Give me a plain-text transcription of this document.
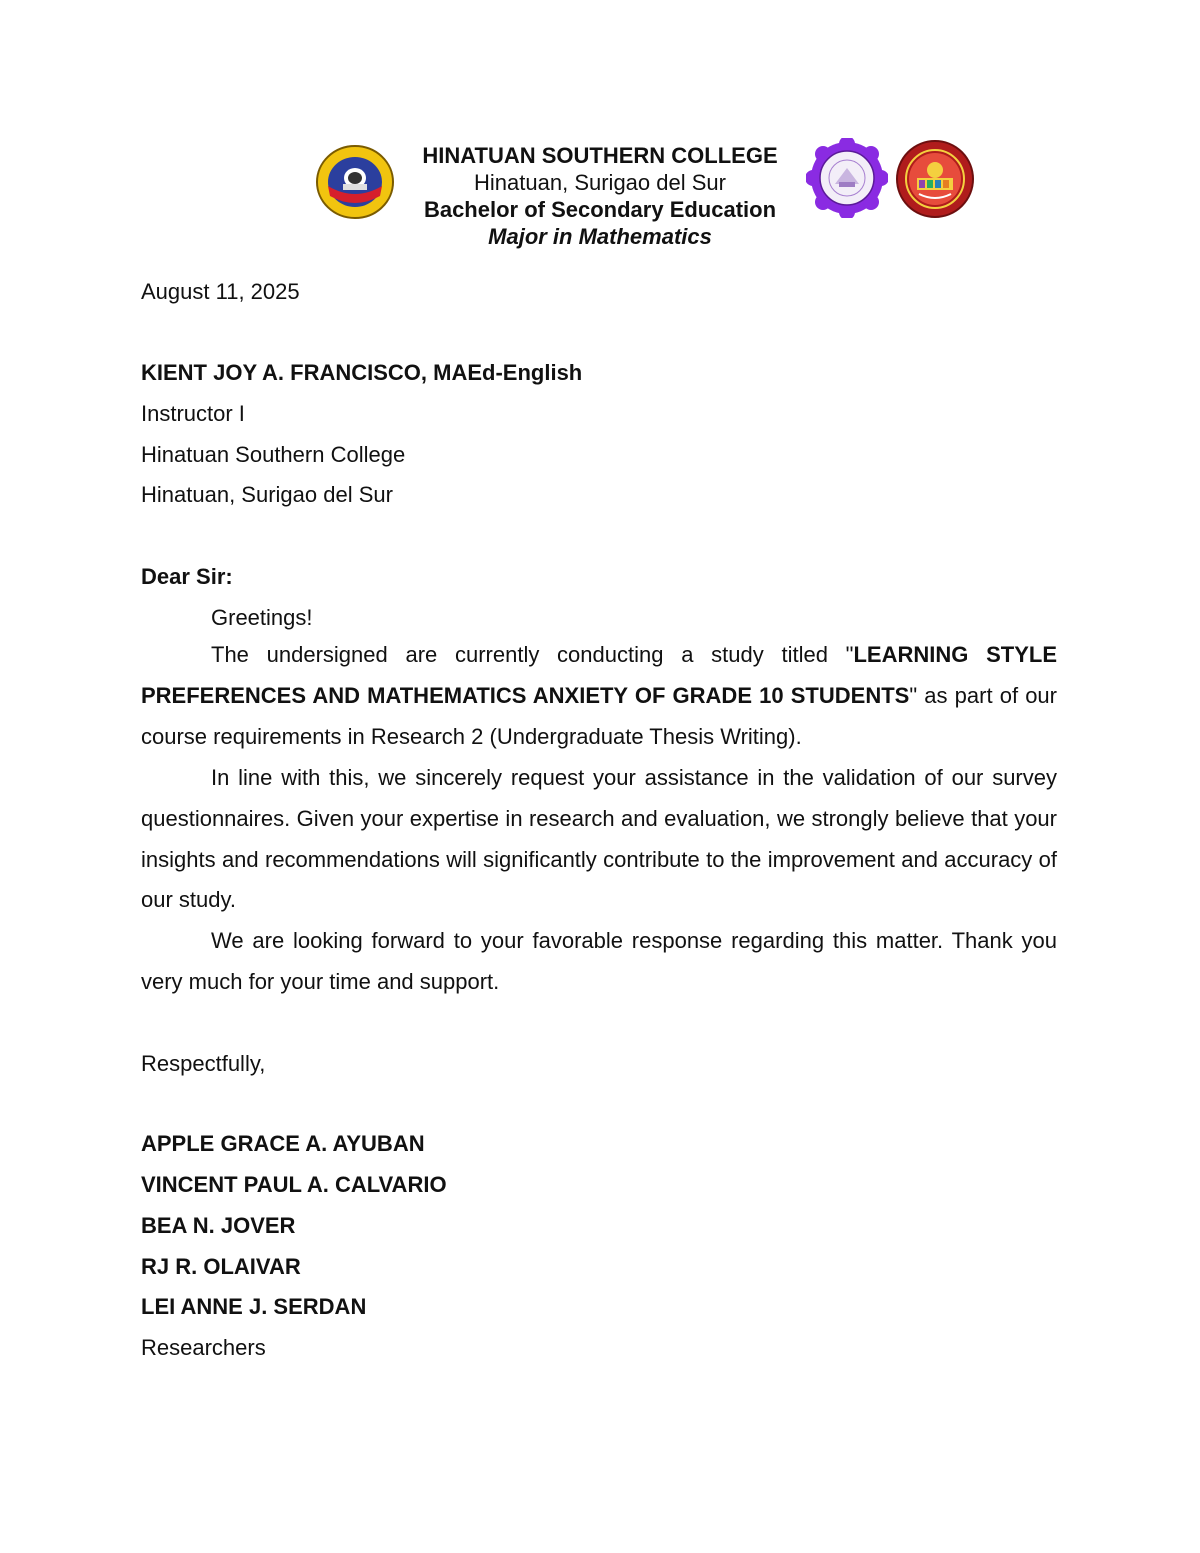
HINATUAN SOUTHERN COLLEGE
Hinatuan, Surigao del Sur
Bachelor of Secondary Education
Major in Mathematics
August 11, 2025
KIENT JOY A. FRANCISCO, MAEd-English
Instructor I
Hinatuan Southern College
Hinatuan, Surigao del Sur
Dear Sir:
Greetings!

The undersigned are currently conducting a study titled "LEARNING STYLE PREFERENCES AND MATHEMATICS ANXIETY OF GRADE 10 STUDENTS" as part of our course requirements in Research 2 (Undergraduate Thesis Writing).

In line with this, we sincerely request your assistance in the validation of our survey questionnaires. Given your expertise in research and evaluation, we strongly believe that your insights and recommendations will significantly contribute to the improvement and accuracy of our study.

We are looking forward to your favorable response regarding this matter. Thank you very much for your time and support.

Respectfully,
APPLE GRACE A. AYUBAN
VINCENT PAUL A. CALVARIO
BEA N. JOVER
RJ R. OLAIVAR
LEI ANNE J. SERDAN
Researchers
